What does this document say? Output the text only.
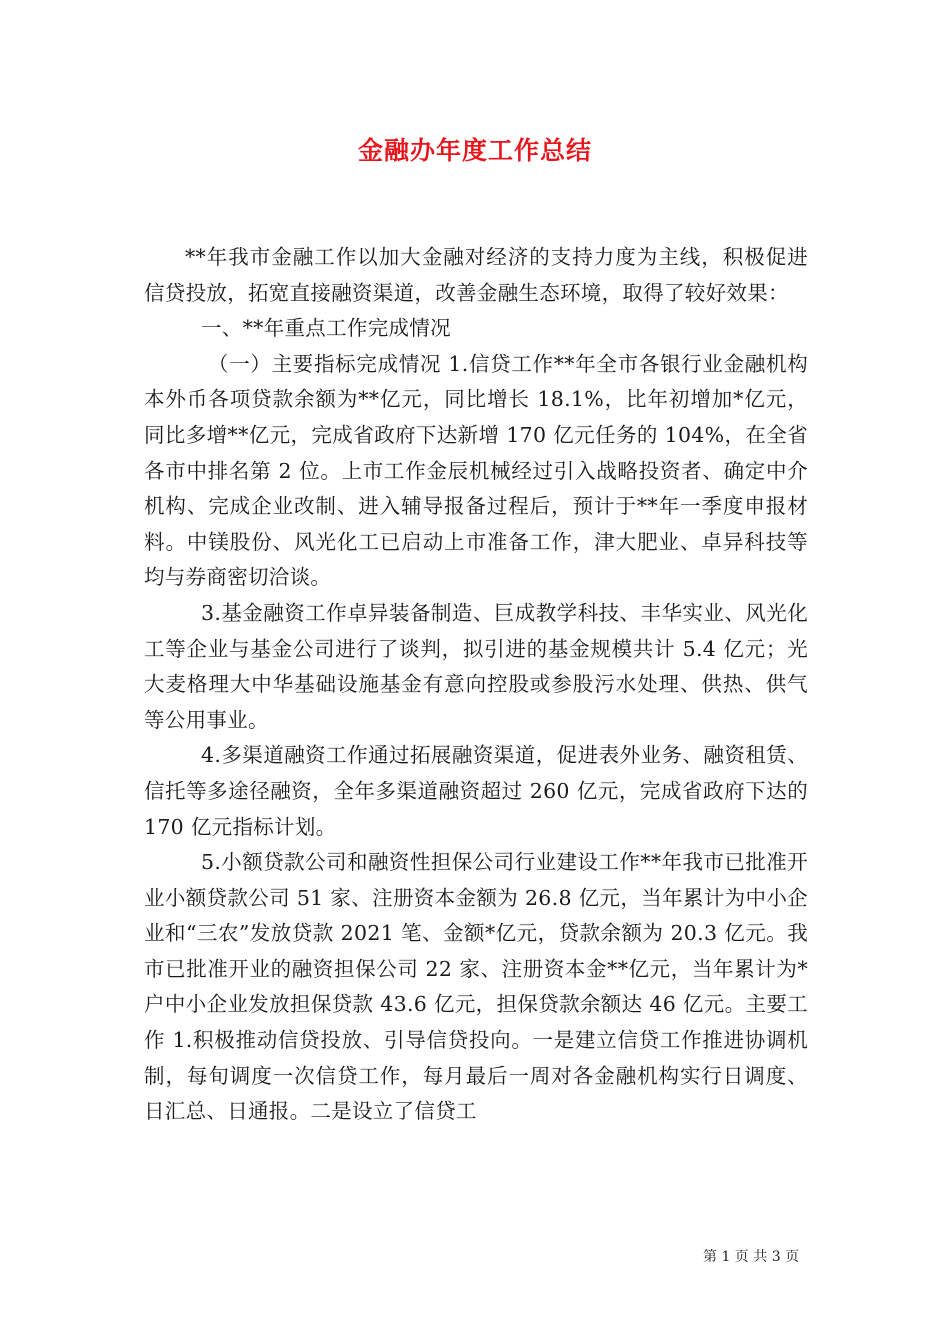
金融办年度工作总结

**年我市金融工作以加大金融对经济的支持力度为主线，积极促进信贷投放，拓宽直接融资渠道，改善金融生态环境，取得了较好效果：

一、**年重点工作完成情况

（一）主要指标完成情况 1.信贷工作**年全市各银行业金融机构本外币各项贷款余额为**亿元，同比增长 18.1%，比年初增加*亿元，同比多增**亿元，完成省政府下达新增 170 亿元任务的 104%，在全省各市中排名第 2 位。上市工作金辰机械经过引入战略投资者、确定中介机构、完成企业改制、进入辅导报备过程后，预计于**年一季度申报材料。中镁股份、风光化工已启动上市准备工作，津大肥业、卓异科技等均与券商密切洽谈。

3.基金融资工作卓异装备制造、巨成教学科技、丰华实业、风光化工等企业与基金公司进行了谈判，拟引进的基金规模共计 5.4 亿元；光大麦格理大中华基础设施基金有意向控股或参股污水处理、供热、供气等公用事业。

4.多渠道融资工作通过拓展融资渠道，促进表外业务、融资租赁、信托等多途径融资，全年多渠道融资超过 260 亿元，完成省政府下达的 170 亿元指标计划。

5.小额贷款公司和融资性担保公司行业建设工作**年我市已批准开业小额贷款公司 51 家、注册资本金额为 26.8 亿元，当年累计为中小企业和“三农”发放贷款 2021 笔、金额*亿元，贷款余额为 20.3 亿元。我市已批准开业的融资担保公司 22 家、注册资本金**亿元，当年累计为*户中小企业发放担保贷款 43.6 亿元，担保贷款余额达 46 亿元。主要工作 1.积极推动信贷投放、引导信贷投向。一是建立信贷工作推进协调机制，每旬调度一次信贷工作，每月最后一周对各金融机构实行日调度、日汇总、日通报。二是设立了信贷工

第 1 页 共 3 页
